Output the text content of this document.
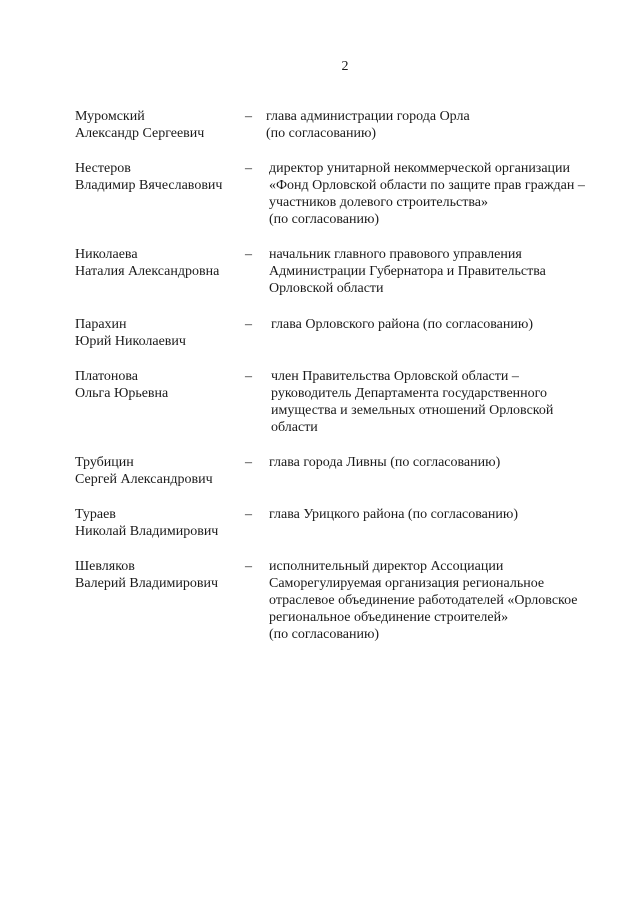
2
Муромский
Александр Сергеевич
–	глава администрации города Орла
(по согласованию)
Нестеров
Владимир Вячеславович
–	директор унитарной некоммерческой организации
«Фонд Орловской области по защите прав граждан –
участников долевого строительства»
(по согласованию)
Николаева
Наталия Александровна
–	начальник главного правового управления
Администрации Губернатора и Правительства
Орловской области
Парахин
Юрий Николаевич
–	глава Орловского района (по согласованию)
Платонова
Ольга Юрьевна
–	член Правительства Орловской области –
руководитель Департамента государственного
имущества и земельных отношений Орловской
области
Трубицин
Сергей Александрович
–	глава города Ливны (по согласованию)
Тураев
Николай Владимирович
–	глава Урицкого района (по согласованию)
Шевляков
Валерий Владимирович
–	исполнительный директор Ассоциации
Саморегулируемая организация региональное
отраслевое объединение работодателей «Орловское
региональное объединение строителей»
(по согласованию)
